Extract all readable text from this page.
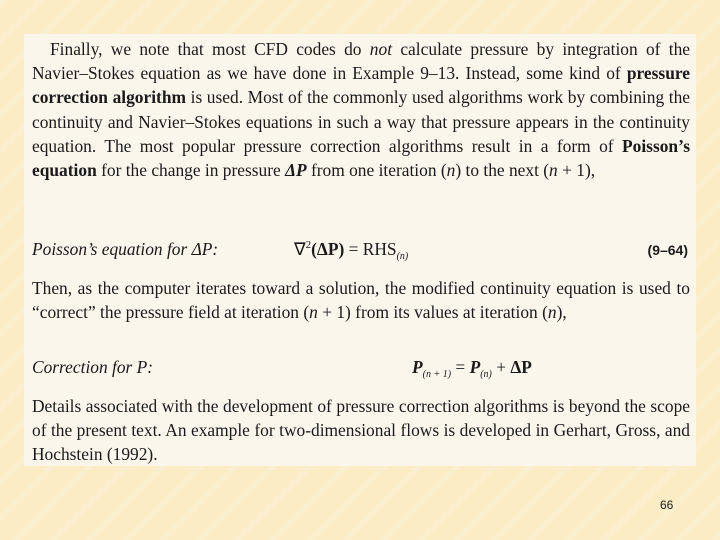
Finally, we note that most CFD codes do not calculate pressure by integration of the Navier–Stokes equation as we have done in Example 9–13. Instead, some kind of pressure correction algorithm is used. Most of the commonly used algorithms work by combining the continuity and Navier–Stokes equations in such a way that pressure appears in the continuity equation. The most popular pressure correction algorithms result in a form of Poisson’s equation for the change in pressure ΔP from one iteration (n) to the next (n + 1),

Poisson’s equation for ΔP:	$\nabla^2(\Delta P) = RHS_{(n)}$	(9–64)

Then, as the computer iterates toward a solution, the modified continuity equation is used to “correct” the pressure field at iteration (n + 1) from its values at iteration (n),

Correction for P:	$P_{(n + 1)} = P_{(n)} + \Delta P$

Details associated with the development of pressure correction algorithms is beyond the scope of the present text. An example for two-dimensional flows is developed in Gerhart, Gross, and Hochstein (1992).

66
